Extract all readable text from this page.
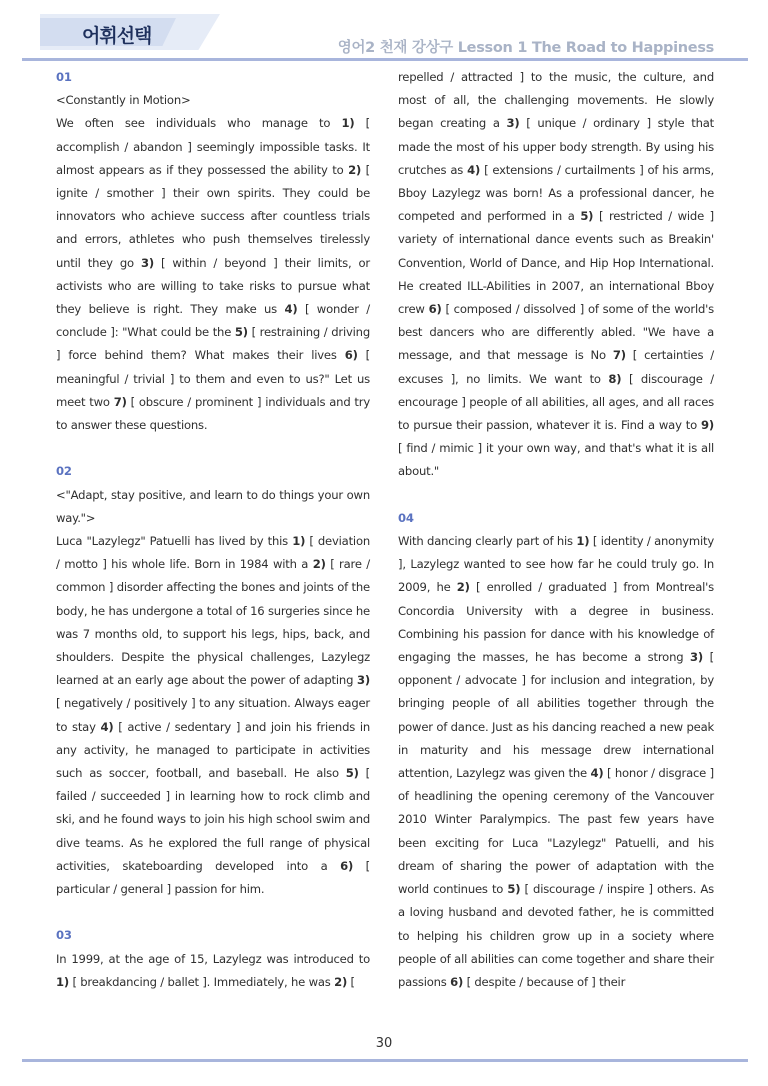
어휘선택
영어2 천재 강상구 Lesson 1 The Road to Happiness
01

<Constantly in Motion>

We often see individuals who manage to 1) [ accomplish / abandon ] seemingly impossible tasks. It almost appears as if they possessed the ability to 2) [ ignite / smother ] their own spirits. They could be innovators who achieve success after countless trials and errors, athletes who push themselves tirelessly until they go 3) [ within / beyond ] their limits, or activists who are willing to take risks to pursue what they believe is right. They make us 4) [ wonder / conclude ]: "What could be the 5) [ restraining / driving ] force behind them? What makes their lives 6) [ meaningful / trivial ] to them and even to us?" Let us meet two 7) [ obscure / prominent ] individuals and try to answer these questions.

02

<"Adapt, stay positive, and learn to do things your own way.">

Luca "Lazylegz" Patuelli has lived by this 1) [ deviation / motto ] his whole life. Born in 1984 with a 2) [ rare / common ] disorder affecting the bones and joints of the body, he has undergone a total of 16 surgeries since he was 7 months old, to support his legs, hips, back, and shoulders. Despite the physical challenges, Lazylegz learned at an early age about the power of adapting 3) [ negatively / positively ] to any situation. Always eager to stay 4) [ active / sedentary ] and join his friends in any activity, he managed to participate in activities such as soccer, football, and baseball. He also 5) [ failed / succeeded ] in learning how to rock climb and ski, and he found ways to join his high school swim and dive teams. As he explored the full range of physical activities, skateboarding developed into a 6) [ particular / general ] passion for him.

03

In 1999, at the age of 15, Lazylegz was introduced to 1) [ breakdancing / ballet ]. Immediately, he was 2) [

repelled / attracted ] to the music, the culture, and most of all, the challenging movements. He slowly began creating a 3) [ unique / ordinary ] style that made the most of his upper body strength. By using his crutches as 4) [ extensions / curtailments ] of his arms, Bboy Lazylegz was born! As a professional dancer, he competed and performed in a 5) [ restricted / wide ] variety of international dance events such as Breakin' Convention, World of Dance, and Hip Hop International. He created ILL-Abilities in 2007, an international Bboy crew 6) [ composed / dissolved ] of some of the world's best dancers who are differently abled. "We have a message, and that message is No 7) [ certainties / excuses ], no limits. We want to 8) [ discourage / encourage ] people of all abilities, all ages, and all races to pursue their passion, whatever it is. Find a way to 9) [ find / mimic ] it your own way, and that's what it is all about."

04

With dancing clearly part of his 1) [ identity / anonymity ], Lazylegz wanted to see how far he could truly go. In 2009, he 2) [ enrolled / graduated ] from Montreal's Concordia University with a degree in business. Combining his passion for dance with his knowledge of engaging the masses, he has become a strong 3) [ opponent / advocate ] for inclusion and integration, by bringing people of all abilities together through the power of dance. Just as his dancing reached a new peak in maturity and his message drew international attention, Lazylegz was given the 4) [ honor / disgrace ] of headlining the opening ceremony of the Vancouver 2010 Winter Paralympics. The past few years have been exciting for Luca "Lazylegz" Patuelli, and his dream of sharing the power of adaptation with the world continues to 5) [ discourage / inspire ] others. As a loving husband and devoted father, he is committed to helping his children grow up in a society where people of all abilities can come together and share their passions 6) [ despite / because of ] their

30
